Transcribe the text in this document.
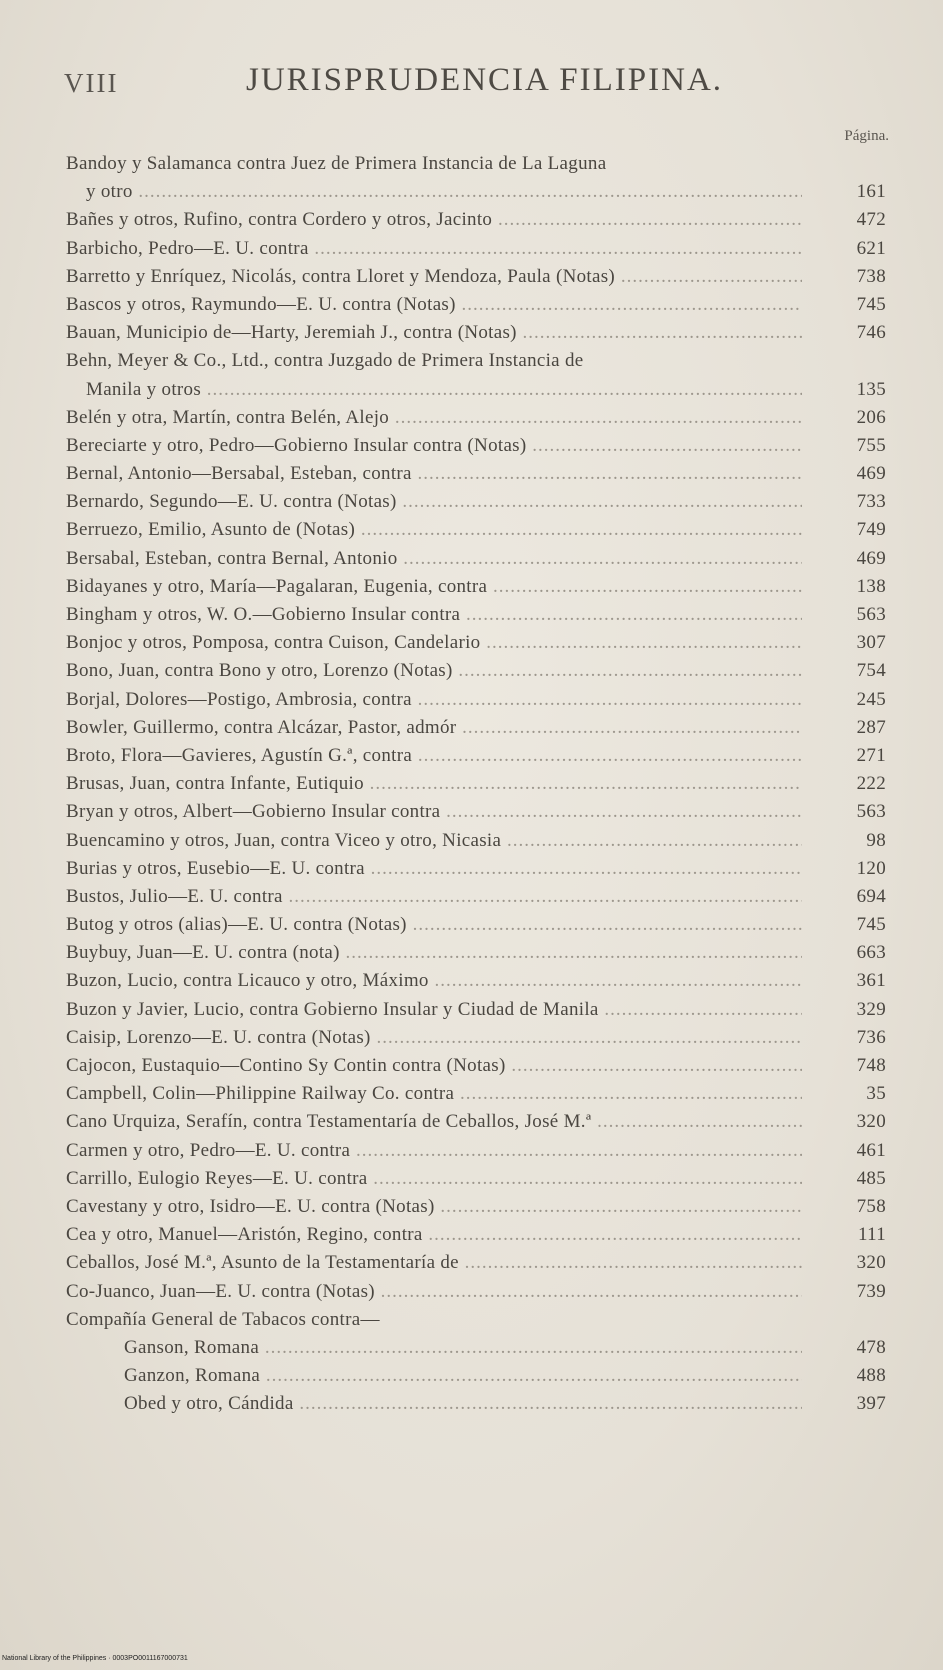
VIII	JURISPRUDENCIA FILIPINA.
Página.
Bandoy y Salamanca contra Juez de Primera Instancia de La Laguna
y otro .....	161
Bañes y otros, Rufino, contra Cordero y otros, Jacinto .....	472
Barbicho, Pedro—E. U. contra .....	621
Barretto y Enríquez, Nicolás, contra Lloret y Mendoza, Paula (Notas) .....	738
Bascos y otros, Raymundo—E. U. contra (Notas) .....	745
Bauan, Municipio de—Harty, Jeremiah J., contra (Notas) .....	746
Behn, Meyer & Co., Ltd., contra Juzgado de Primera Instancia de
Manila y otros .....	135
Belén y otra, Martín, contra Belén, Alejo .....	206
Bereciarte y otro, Pedro—Gobierno Insular contra (Notas) .....	755
Bernal, Antonio—Bersabal, Esteban, contra .....	469
Bernardo, Segundo—E. U. contra (Notas) .....	733
Berruezo, Emilio, Asunto de (Notas) .....	749
Bersabal, Esteban, contra Bernal, Antonio .....	469
Bidayanes y otro, María—Pagalaran, Eugenia, contra .....	138
Bingham y otros, W. O.—Gobierno Insular contra .....	563
Bonjoc y otros, Pomposa, contra Cuison, Candelario .....	307
Bono, Juan, contra Bono y otro, Lorenzo (Notas) .....	754
Borjal, Dolores—Postigo, Ambrosia, contra .....	245
Bowler, Guillermo, contra Alcázar, Pastor, admór .....	287
Broto, Flora—Gavieres, Agustín G.ª, contra .....	271
Brusas, Juan, contra Infante, Eutiquio .....	222
Bryan y otros, Albert—Gobierno Insular contra .....	563
Buencamino y otros, Juan, contra Viceo y otro, Nicasia .....	98
Burias y otros, Eusebio—E. U. contra .....	120
Bustos, Julio—E. U. contra .....	694
Butog y otros (alias)—E. U. contra (Notas) .....	745
Buybuy, Juan—E. U. contra (nota) .....	663
Buzon, Lucio, contra Licauco y otro, Máximo .....	361
Buzon y Javier, Lucio, contra Gobierno Insular y Ciudad de Manila .....	329
Caisip, Lorenzo—E. U. contra (Notas) .....	736
Cajocon, Eustaquio—Contino Sy Contin contra (Notas) .....	748
Campbell, Colin—Philippine Railway Co. contra .....	35
Cano Urquiza, Serafín, contra Testamentaría de Ceballos, José M.ª .....	320
Carmen y otro, Pedro—E. U. contra .....	461
Carrillo, Eulogio Reyes—E. U. contra .....	485
Cavestany y otro, Isidro—E. U. contra (Notas) .....	758
Cea y otro, Manuel—Aristón, Regino, contra .....	111
Ceballos, José M.ª, Asunto de la Testamentaría de .....	320
Co-Juanco, Juan—E. U. contra (Notas) .....	739
Compañía General de Tabacos contra—
Ganson, Romana .....	478
Ganzon, Romana .....	488
Obed y otro, Cándida .....	397
National Library of the Philippines · 0003PO0011167000731
